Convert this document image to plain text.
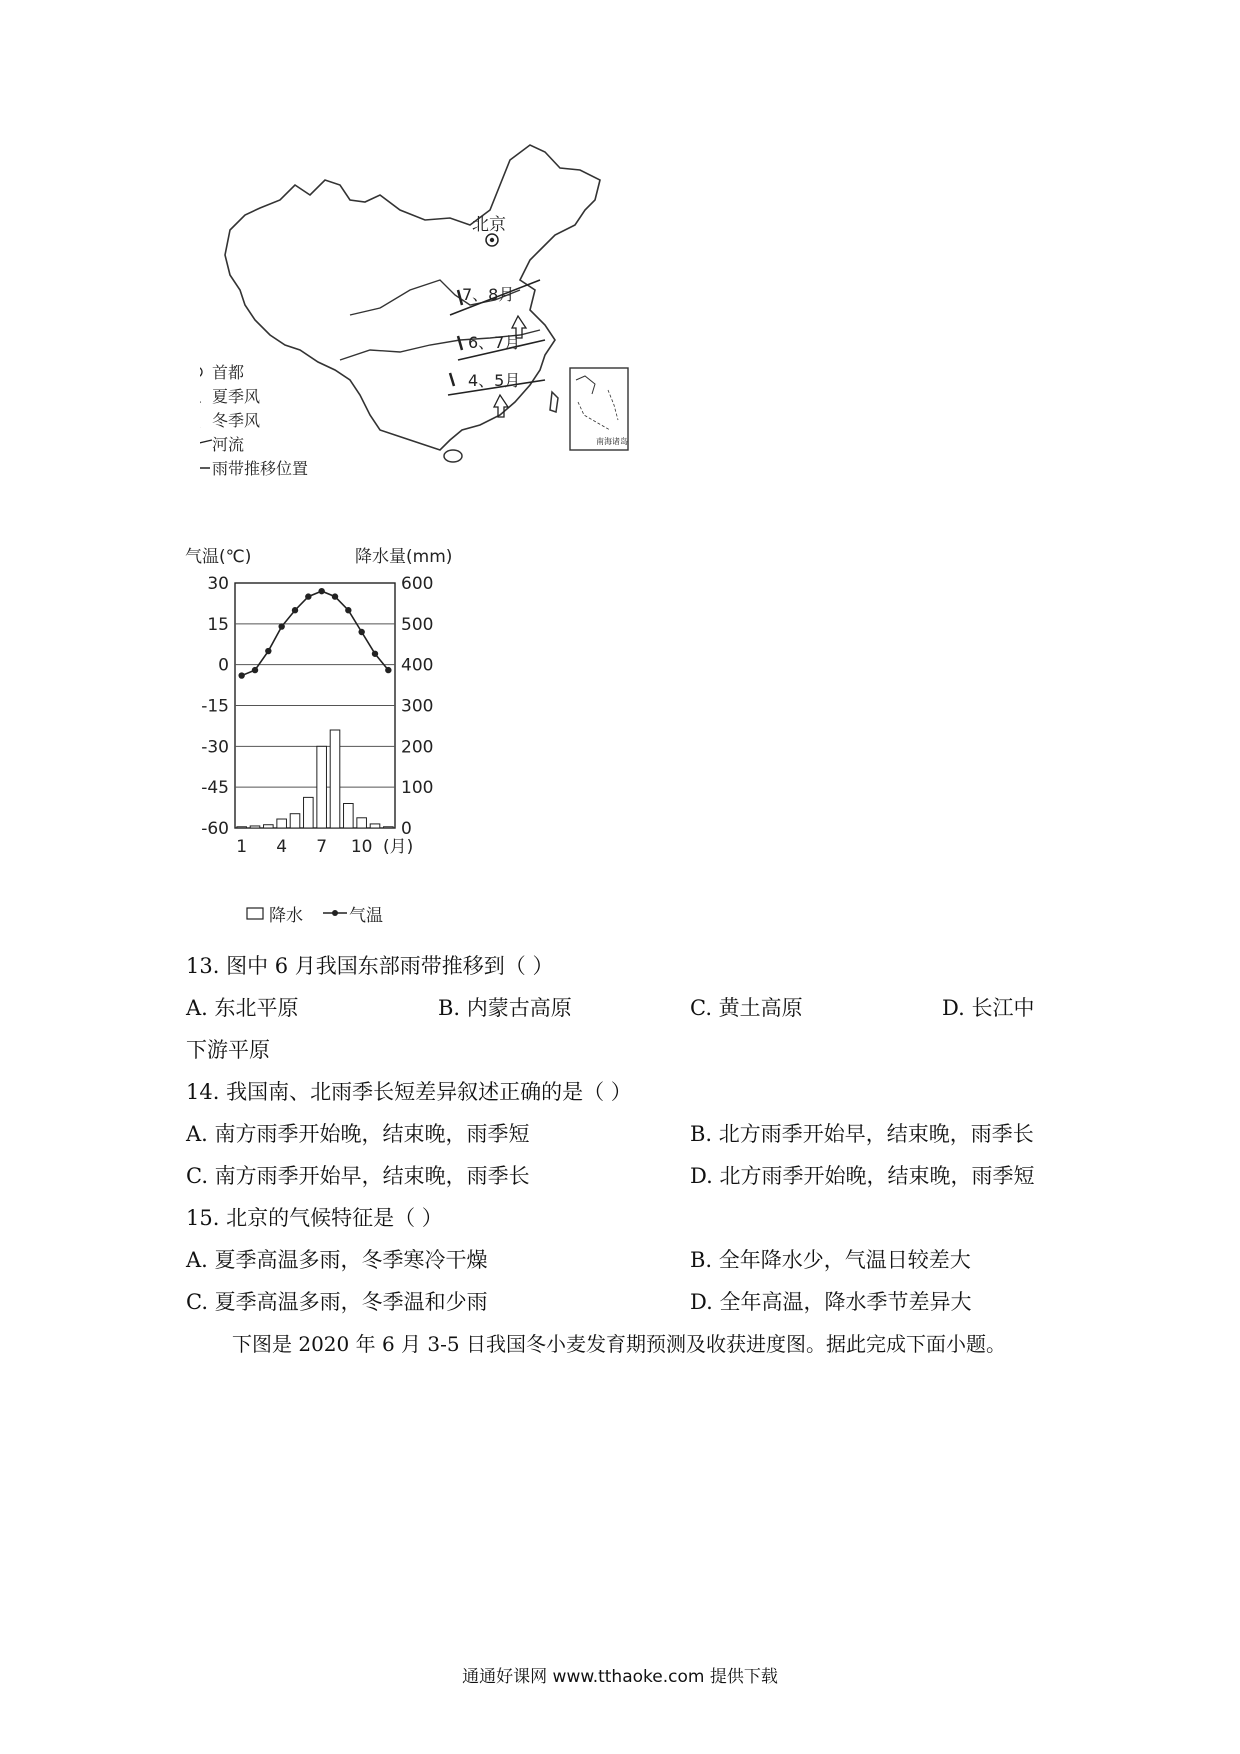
北京
7、8月
6、7月
4、5月
南海诸岛
首都
夏季风
冬季风
河流
雨带推移位置
气温(℃)	降水量(mm)
30
15
0
-15
-30
-45
-60
600
500
400
300
200
100
0
1 4 7 10 (月)
降水	气温
13. 图中 6 月我国东部雨带推移到（ ）
A. 东北平原	B. 内蒙古高原	C. 黄土高原	D. 长江中
下游平原
14. 我国南、北雨季长短差异叙述正确的是（ ）
A. 南方雨季开始晚，结束晚，雨季短	B. 北方雨季开始早，结束晚，雨季长
C. 南方雨季开始早，结束晚，雨季长	D. 北方雨季开始晚，结束晚，雨季短
15. 北京的气候特征是（ ）
A. 夏季高温多雨，冬季寒冷干燥	B. 全年降水少，气温日较差大
C. 夏季高温多雨，冬季温和少雨	D. 全年高温，降水季节差异大
下图是 2020 年 6 月 3-5 日我国冬小麦发育期预测及收获进度图。据此完成下面小题。
通通好课网 www.tthaoke.com 提供下载
